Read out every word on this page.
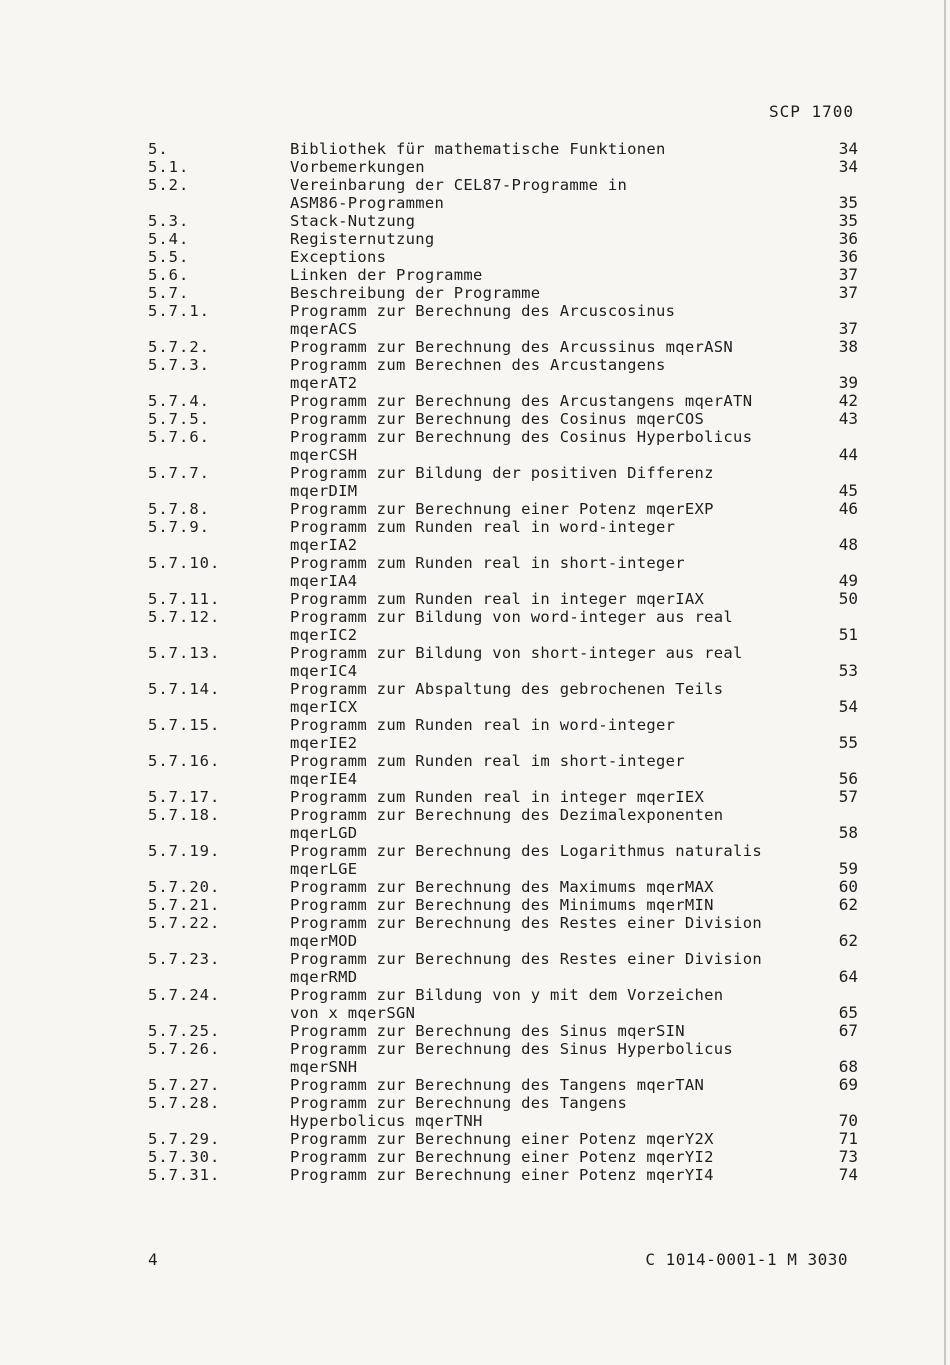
SCP 1700
5.	Bibliothek für mathematische Funktionen	34
5.1.	Vorbemerkungen	34
5.2.	Vereinbarung der CEL87-Programme in
ASM86-Programmen	35
5.3.	Stack-Nutzung	35
5.4.	Registernutzung	36
5.5.	Exceptions	36
5.6.	Linken der Programme	37
5.7.	Beschreibung der Programme	37
5.7.1.	Programm zur Berechnung des Arcuscosinus
mqerACS	37
5.7.2.	Programm zur Berechnung des Arcussinus mqerASN	38
5.7.3.	Programm zum Berechnen des Arcustangens
mqerAT2	39
5.7.4.	Programm zur Berechnung des Arcustangens mqerATN	42
5.7.5.	Programm zur Berechnung des Cosinus mqerCOS	43
5.7.6.	Programm zur Berechnung des Cosinus Hyperbolicus
mqerCSH	44
5.7.7.	Programm zur Bildung der positiven Differenz
mqerDIM	45
5.7.8.	Programm zur Berechnung einer Potenz mqerEXP	46
5.7.9.	Programm zum Runden real in word-integer
mqerIA2	48
5.7.10.	Programm zum Runden real in short-integer
mqerIA4	49
5.7.11.	Programm zum Runden real in integer mqerIAX	50
5.7.12.	Programm zur Bildung von word-integer aus real
mqerIC2	51
5.7.13.	Programm zur Bildung von short-integer aus real
mqerIC4	53
5.7.14.	Programm zur Abspaltung des gebrochenen Teils
mqerICX	54
5.7.15.	Programm zum Runden real in word-integer
mqerIE2	55
5.7.16.	Programm zum Runden real im short-integer
mqerIE4	56
5.7.17.	Programm zum Runden real in integer mqerIEX	57
5.7.18.	Programm zur Berechnung des Dezimalexponenten
mqerLGD	58
5.7.19.	Programm zur Berechnung des Logarithmus naturalis
mqerLGE	59
5.7.20.	Programm zur Berechnung des Maximums mqerMAX	60
5.7.21.	Programm zur Berechnung des Minimums mqerMIN	62
5.7.22.	Programm zur Berechnung des Restes einer Division
mqerMOD	62
5.7.23.	Programm zur Berechnung des Restes einer Division
mqerRMD	64
5.7.24.	Programm zur Bildung von y mit dem Vorzeichen
von x mqerSGN	65
5.7.25.	Programm zur Berechnung des Sinus mqerSIN	67
5.7.26.	Programm zur Berechnung des Sinus Hyperbolicus
mqerSNH	68
5.7.27.	Programm zur Berechnung des Tangens mqerTAN	69
5.7.28.	Programm zur Berechnung des Tangens
Hyperbolicus mqerTNH	70
5.7.29.	Programm zur Berechnung einer Potenz mqerY2X	71
5.7.30.	Programm zur Berechnung einer Potenz mqerYI2	73
5.7.31.	Programm zur Berechnung einer Potenz mqerYI4	74
4	C 1014-0001-1 M 3030
